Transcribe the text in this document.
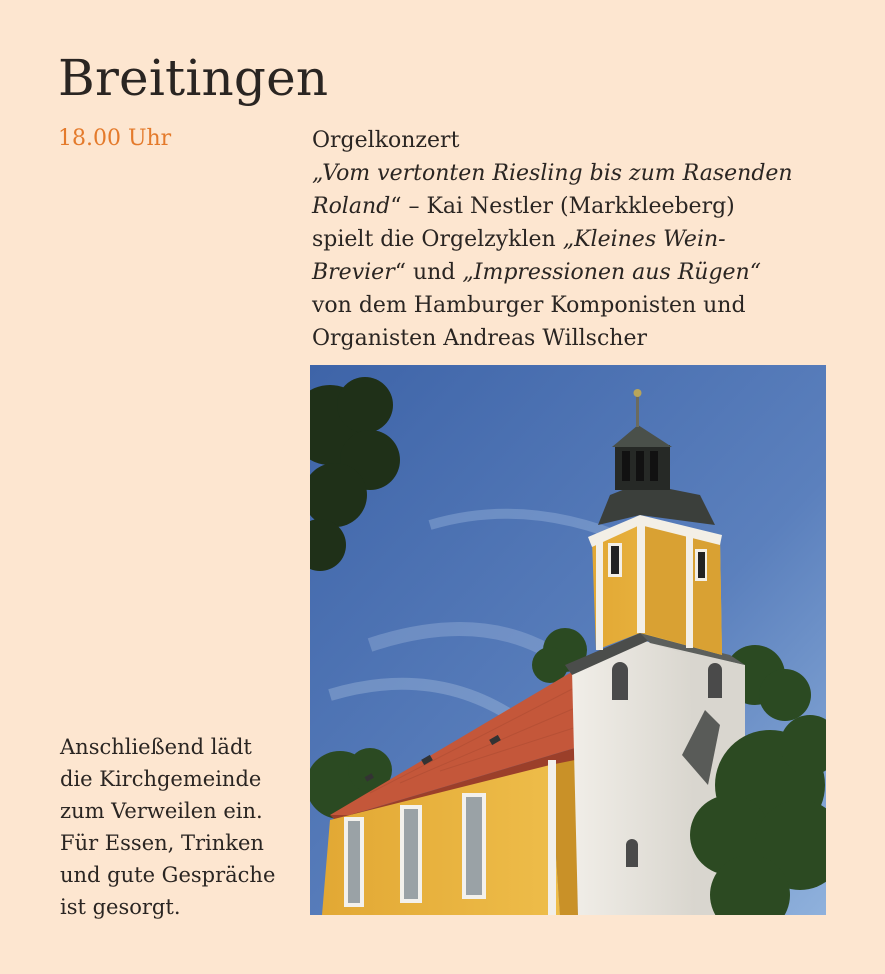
Breitingen
18.00 Uhr	Orgelkonzert
„Vom vertonten Riesling bis zum Rasenden
Roland“ – Kai Nestler (Markkleeberg)
spielt die Orgelzyklen „Kleines Wein-
Brevier“ und „Impressionen aus Rügen“
von dem Hamburger Komponisten und
Organisten Andreas Willscher
Anschließend lädt
die Kirchgemeinde
zum Verweilen ein.
Für Essen, Trinken
und gute Gespräche
ist gesorgt.
